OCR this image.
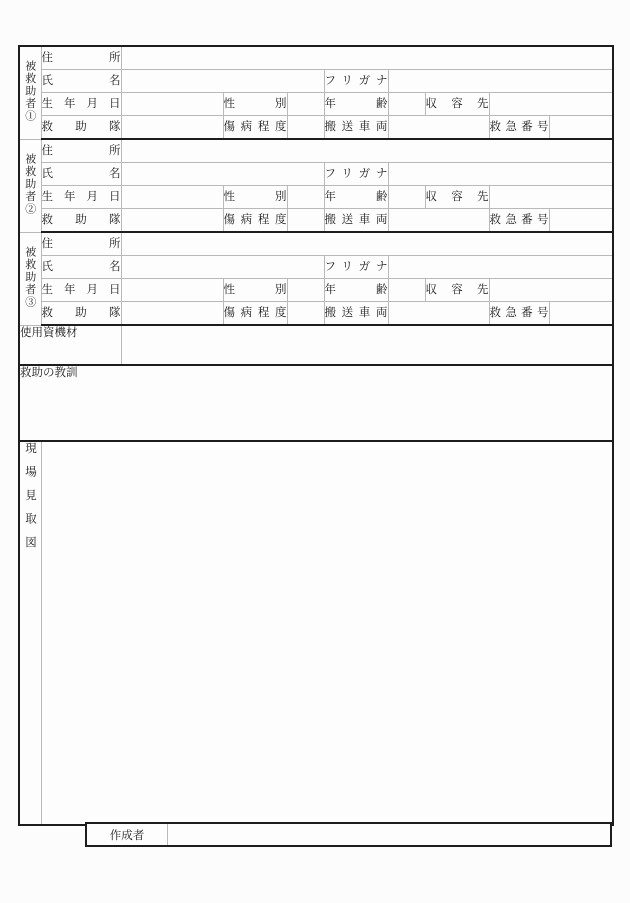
被救助者①	住　　所								
	氏　　名				フリガナ				
	生年月日		性　　別		年　　齢		収容先		
	救　助　隊		傷病程度		搬送車両			救急番号	
被救助者②	住　　所								
	氏　　名				フリガナ				
	生年月日		性　　別		年　　齢		収容先		
	救　助　隊		傷病程度		搬送車両			救急番号	
被救助者③	住　　所								
	氏　　名				フリガナ				
	生年月日		性　　別		年　　齢		収容先		
	救　助　隊		傷病程度		搬送車両			救急番号	
使用資機材									
救助の教訓									
現場見取図									
作成者	
